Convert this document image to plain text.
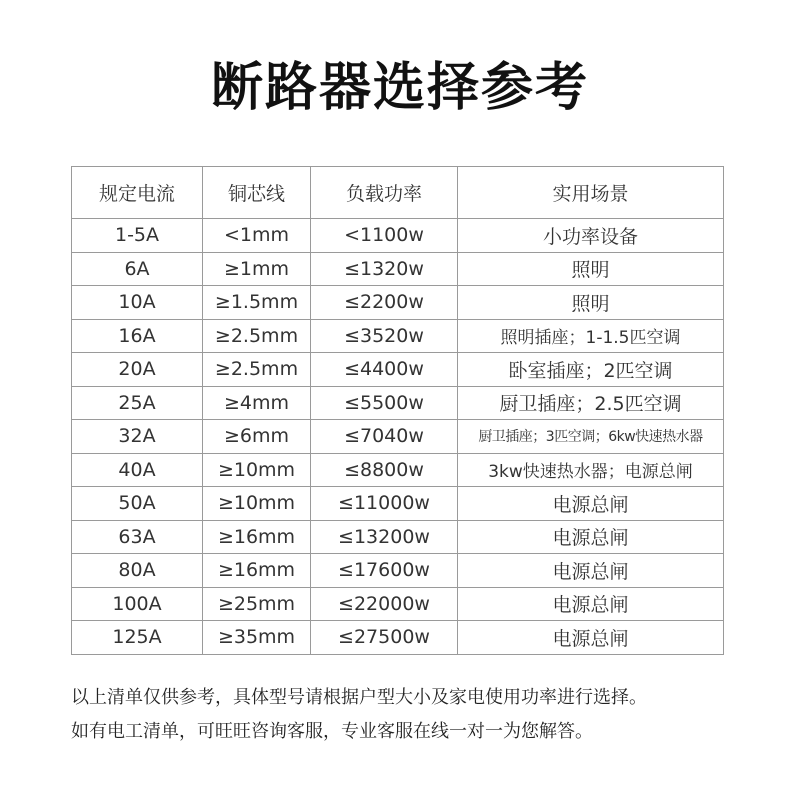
断路器选择参考
规定电流	铜芯线	负载功率	实用场景
1-5A	<1mm	<1100w	小功率设备
6A	≥1mm	≤1320w	照明
10A	≥1.5mm	≤2200w	照明
16A	≥2.5mm	≤3520w	照明插座；1-1.5匹空调
20A	≥2.5mm	≤4400w	卧室插座；2匹空调
25A	≥4mm	≤5500w	厨卫插座；2.5匹空调
32A	≥6mm	≤7040w	厨卫插座；3匹空调；6kw快速热水器
40A	≥10mm	≤8800w	3kw快速热水器；电源总闸
50A	≥10mm	≤11000w	电源总闸
63A	≥16mm	≤13200w	电源总闸
80A	≥16mm	≤17600w	电源总闸
100A	≥25mm	≤22000w	电源总闸
125A	≥35mm	≤27500w	电源总闸

以上清单仅供参考，具体型号请根据户型大小及家电使用功率进行选择。

如有电工清单，可旺旺咨询客服，专业客服在线一对一为您解答。
